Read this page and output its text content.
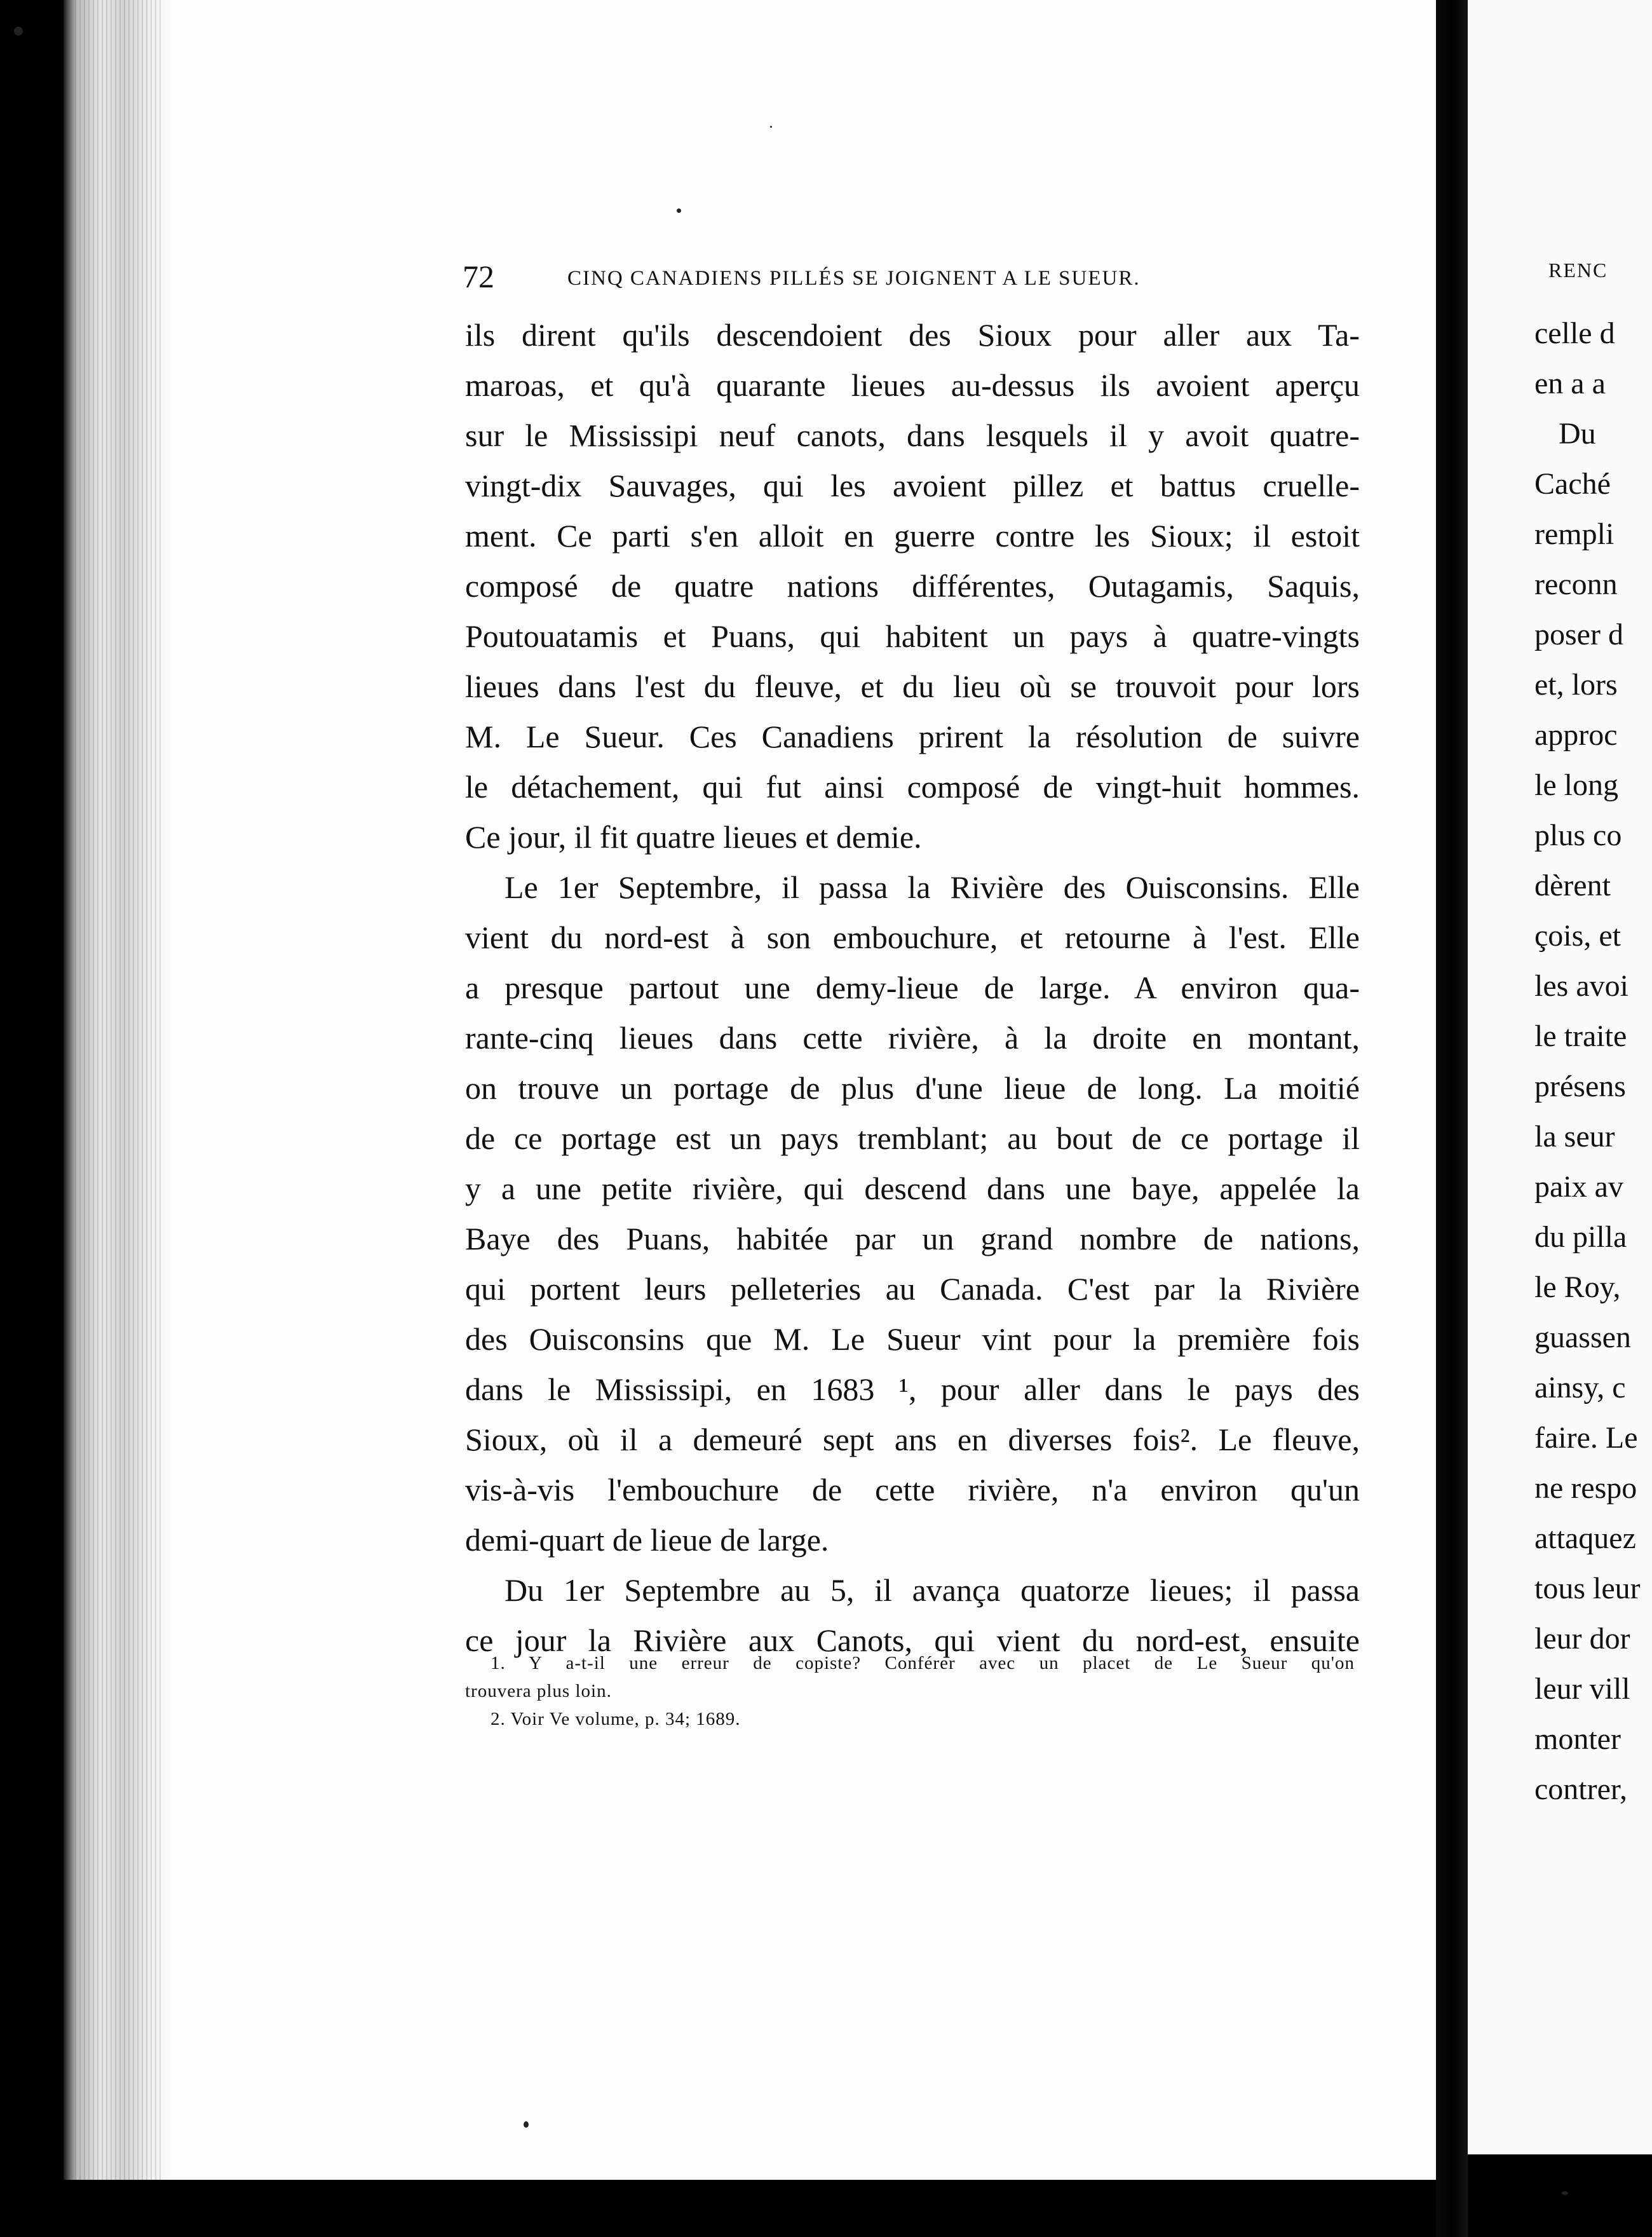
RENC
celle d
en a a
Du
Caché
rempli
reconn
poser d
et, lors
approc
le long
plus co
dèrent
çois, et
les avoi
le traite
présens
la seur
paix av
du pilla
le Roy,
guassen
ainsy, c
faire. Le
ne respo
attaquez
tous leur
leur dor
leur vill
monter
contrer,
72	CINQ CANADIENS PILLÉS SE JOIGNENT A LE SUEUR.
ils dirent qu'ils descendoient des Sioux pour aller aux Ta-
maroas, et qu'à quarante lieues au-dessus ils avoient aperçu
sur le Mississipi neuf canots, dans lesquels il y avoit quatre-
vingt-dix Sauvages, qui les avoient pillez et battus cruelle-
ment. Ce parti s'en alloit en guerre contre les Sioux; il estoit
composé de quatre nations différentes, Outagamis, Saquis,
Poutouatamis et Puans, qui habitent un pays à quatre-vingts
lieues dans l'est du fleuve, et du lieu où se trouvoit pour lors
M. Le Sueur. Ces Canadiens prirent la résolution de suivre
le détachement, qui fut ainsi composé de vingt-huit hommes.
Ce jour, il fit quatre lieues et demie.
Le 1er Septembre, il passa la Rivière des Ouisconsins. Elle
vient du nord-est à son embouchure, et retourne à l'est. Elle
a presque partout une demy-lieue de large. A environ qua-
rante-cinq lieues dans cette rivière, à la droite en montant,
on trouve un portage de plus d'une lieue de long. La moitié
de ce portage est un pays tremblant; au bout de ce portage il
y a une petite rivière, qui descend dans une baye, appelée la
Baye des Puans, habitée par un grand nombre de nations,
qui portent leurs pelleteries au Canada. C'est par la Rivière
des Ouisconsins que M. Le Sueur vint pour la première fois
dans le Mississipi, en 1683 ¹, pour aller dans le pays des
Sioux, où il a demeuré sept ans en diverses fois². Le fleuve,
vis-à-vis l'embouchure de cette rivière, n'a environ qu'un
demi-quart de lieue de large.
Du 1er Septembre au 5, il avança quatorze lieues; il passa
ce jour la Rivière aux Canots, qui vient du nord-est, ensuite
1. Y a-t-il une erreur de copiste? Conférer avec un placet de Le Sueur qu'on
trouvera plus loin.
2. Voir Ve volume, p. 34; 1689.
